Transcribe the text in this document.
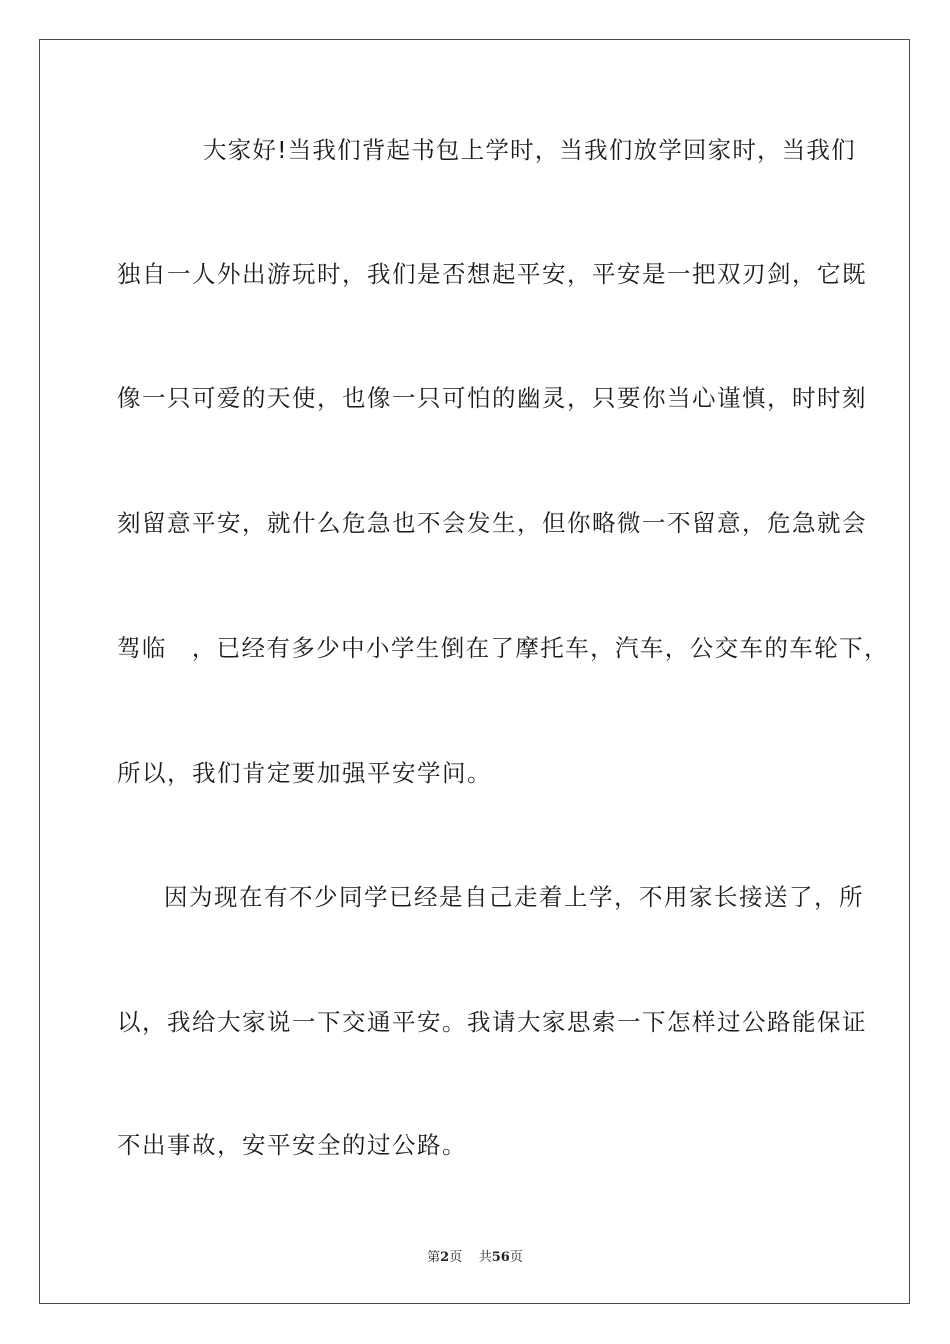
大家好!当我们背起书包上学时，当我们放学回家时，当我们
独自一人外出游玩时，我们是否想起平安，平安是一把双刃剑，它既
像一只可爱的天使，也像一只可怕的幽灵，只要你当心谨慎，时时刻
刻留意平安，就什么危急也不会发生，但你略微一不留意，危急就会
驾临　，已经有多少中小学生倒在了摩托车，汽车，公交车的车轮下，
所以，我们肯定要加强平安学问。
因为现在有不少同学已经是自己走着上学，不用家长接送了，所
以，我给大家说一下交通平安。我请大家思索一下怎样过公路能保证
不出事故，安平安全的过公路。
第2页 共56页
